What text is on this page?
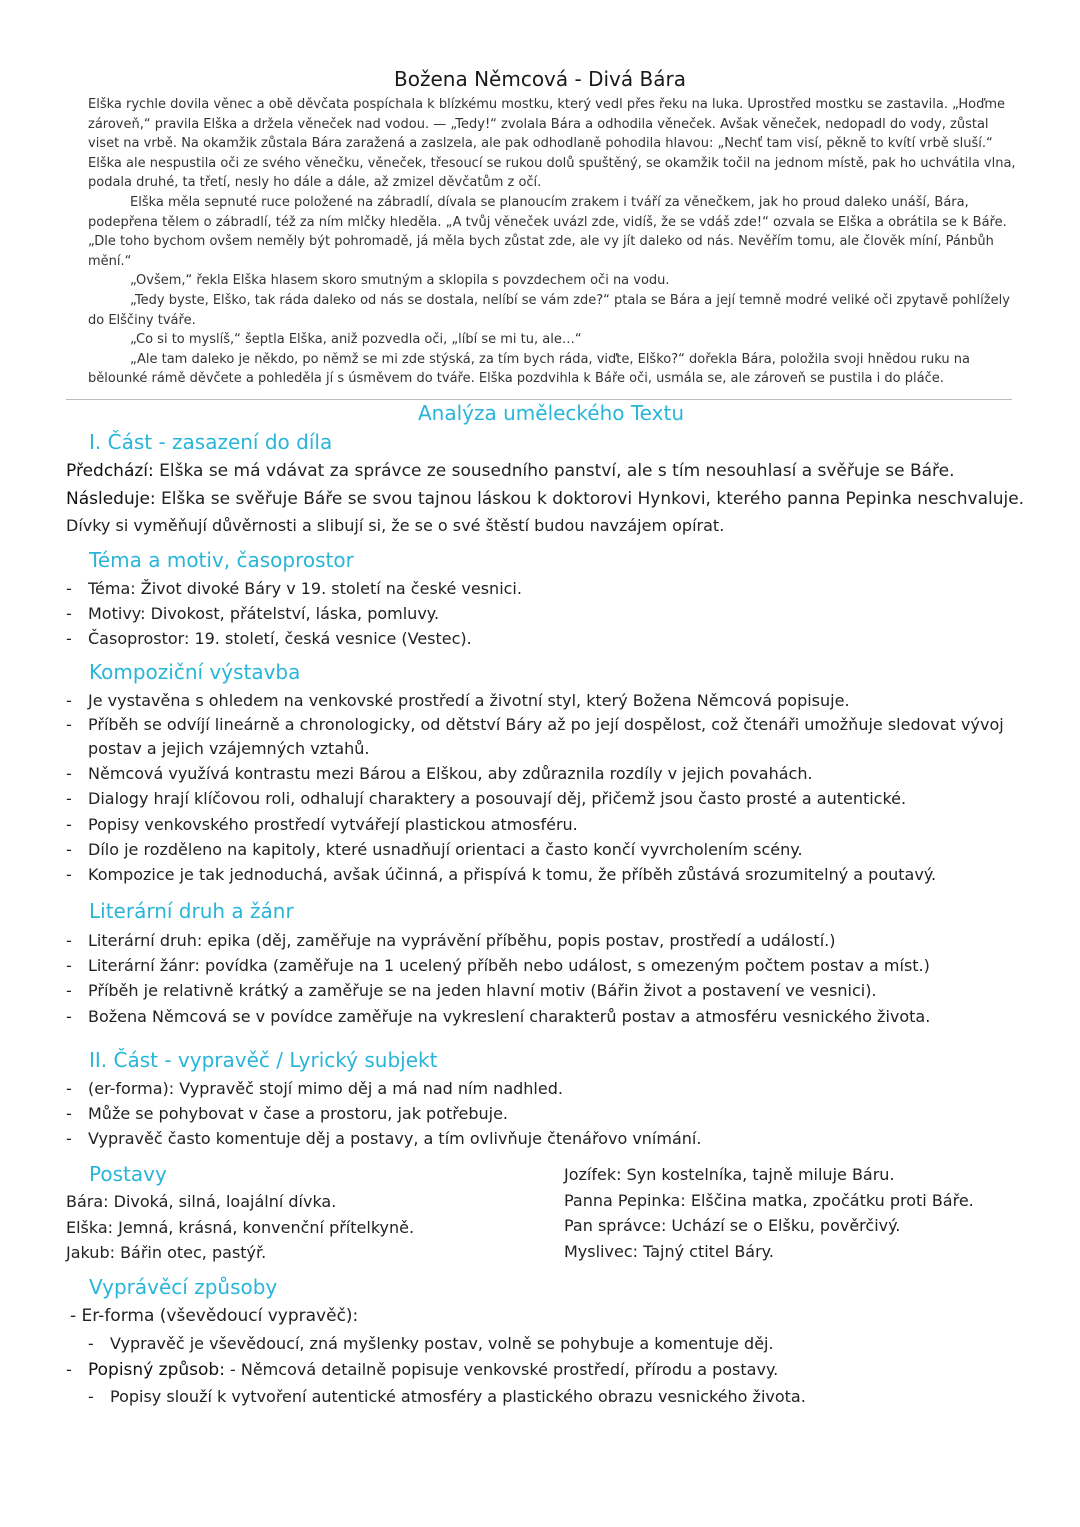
Božena Němcová - Divá Bára

Elška rychle dovila věnec a obě děvčata pospíchala k blízkému mostku, který vedl přes řeku na luka. Uprostřed mostku se zastavila. „Hoďme zároveň,“ pravila Elška a držela věneček nad vodou. — „Tedy!“ zvolala Bára a odhodila věneček. Avšak věneček, nedopadl do vody, zůstal viset na vrbě. Na okamžik zůstala Bára zaražená a zaslzela, ale pak odhodlaně pohodila hlavou: „Nechť tam visí, pěkně to kvítí vrbě sluší.“ Elška ale nespustila oči ze svého věnečku, věneček, třesoucí se rukou dolů spuštěný, se okamžik točil na jednom místě, pak ho uchvátila vlna, podala druhé, ta třetí, nesly ho dále a dále, až zmizel děvčatům z očí.

Elška měla sepnuté ruce položené na zábradlí, dívala se planoucím zrakem i tváří za věnečkem, jak ho proud daleko unáší, Bára, podepřena tělem o zábradlí, též za ním mlčky hleděla. „A tvůj věneček uvázl zde, vidíš, že se vdáš zde!“ ozvala se Elška a obrátila se k Báře. „Dle toho bychom ovšem neměly být pohromadě, já měla bych zůstat zde, ale vy jít daleko od nás. Nevěřím tomu, ale člověk míní, Pánbůh mění.“

„Ovšem,“ řekla Elška hlasem skoro smutným a sklopila s povzdechem oči na vodu.

„Tedy byste, Elško, tak ráda daleko od nás se dostala, nelíbí se vám zde?“ ptala se Bára a její temně modré veliké oči zpytavě pohlížely do Elščiny tváře.

„Co si to myslíš,“ šeptla Elška, aniž pozvedla oči, „líbí se mi tu, ale…“

„Ale tam daleko je někdo, po němž se mi zde stýská, za tím bych ráda, viďte, Elško?“ dořekla Bára, položila svoji hnědou ruku na bělounké rámě děvčete a pohleděla jí s úsměvem do tváře. Elška pozdvihla k Báře oči, usmála se, ale zároveň se pustila i do pláče.

Analýza uměleckého Textu
I. Část - zasazení do díla
Předchází: Elška se má vdávat za správce ze sousedního panství, ale s tím nesouhlasí a svěřuje se Báře.
Následuje: Elška se svěřuje Báře se svou tajnou láskou k doktorovi Hynkovi, kterého panna Pepinka neschvaluje.
Dívky si vyměňují důvěrnosti a slibují si, že se o své štěstí budou navzájem opírat.
Téma a motiv, časoprostor
- Téma: Život divoké Báry v 19. století na české vesnici.
- Motivy: Divokost, přátelství, láska, pomluvy.
- Časoprostor: 19. století, česká vesnice (Vestec).
Kompoziční výstavba
- Je vystavěna s ohledem na venkovské prostředí a životní styl, který Božena Němcová popisuje.
- Příběh se odvíjí lineárně a chronologicky, od dětství Báry až po její dospělost, což čtenáři umožňuje sledovat vývoj
postav a jejich vzájemných vztahů.
- Němcová využívá kontrastu mezi Bárou a Elškou, aby zdůraznila rozdíly v jejich povahách.
- Dialogy hrají klíčovou roli, odhalují charaktery a posouvají děj, přičemž jsou často prosté a autentické.
- Popisy venkovského prostředí vytvářejí plastickou atmosféru.
- Dílo je rozděleno na kapitoly, které usnadňují orientaci a často končí vyvrcholením scény.
- Kompozice je tak jednoduchá, avšak účinná, a přispívá k tomu, že příběh zůstává srozumitelný a poutavý.
Literární druh a žánr
- Literární druh: epika (děj, zaměřuje na vyprávění příběhu, popis postav, prostředí a událostí.)
- Literární žánr: povídka (zaměřuje na 1 ucelený příběh nebo událost, s omezeným počtem postav a míst.)
- Příběh je relativně krátký a zaměřuje se na jeden hlavní motiv (Bářin život a postavení ve vesnici).
- Božena Němcová se v povídce zaměřuje na vykreslení charakterů postav a atmosféru vesnického života.
II. Část - vypravěč / Lyrický subjekt
- (er-forma): Vypravěč stojí mimo děj a má nad ním nadhled.
- Může se pohybovat v čase a prostoru, jak potřebuje.
- Vypravěč často komentuje děj a postavy, a tím ovlivňuje čtenářovo vnímání.
Postavy
Bára: Divoká, silná, loajální dívka.
Elška: Jemná, krásná, konvenční přítelkyně.
Jakub: Bářin otec, pastýř.
Jozífek: Syn kostelníka, tajně miluje Báru.
Panna Pepinka: Elščina matka, zpočátku proti Báře.
Pan správce: Uchází se o Elšku, pověrčivý.
Myslivec: Tajný ctitel Báry.
Vyprávěcí způsoby
- Er-forma (vševědoucí vypravěč):
- Vypravěč je vševědoucí, zná myšlenky postav, volně se pohybuje a komentuje děj.
- Popisný způsob: - Němcová detailně popisuje venkovské prostředí, přírodu a postavy.
- Popisy slouží k vytvoření autentické atmosféry a plastického obrazu vesnického života.
